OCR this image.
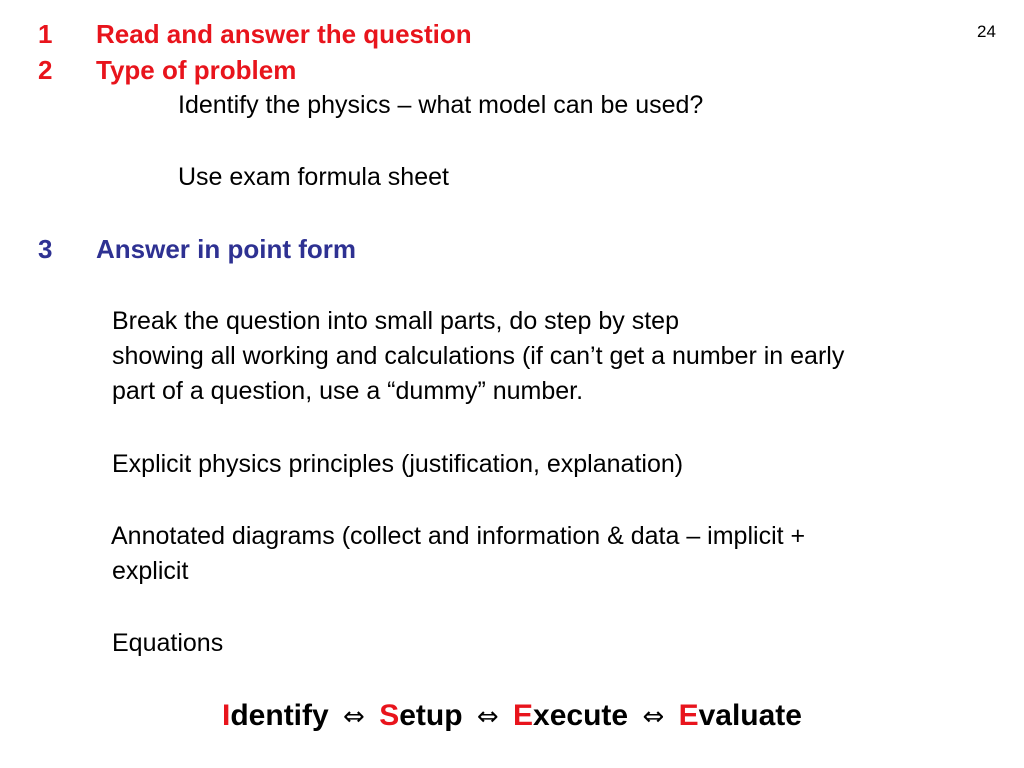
24
1 Read and answer the question
2 Type of problem
Identify the physics – what model can be used?
Use exam formula sheet
3 Answer in point form
Break the question into small parts, do step by step
showing all working and calculations (if can’t get a number in early
part of a question, use a “dummy” number.
Explicit physics principles (justification, explanation)
Annotated diagrams (collect and information & data – implicit +
explicit
Equations
Identify ⇔ Setup ⇔ Execute ⇔ Evaluate
